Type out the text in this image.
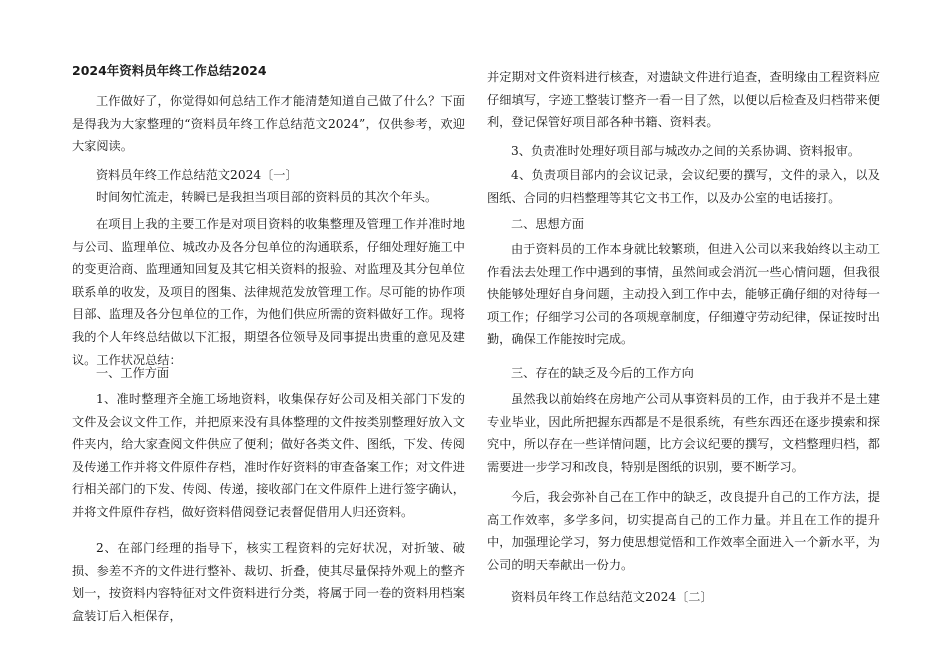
2024年资料员年终工作总结2024

工作做好了，你觉得如何总结工作才能清楚知道自己做了什么？下面是得我为大家整理的“资料员年终工作总结范文2024”，仅供参考，欢迎大家阅读。

资料员年终工作总结范文2024〔一〕

时间匆忙流走，转瞬已是我担当项目部的资料员的其次个年头。

在项目上我的主要工作是对项目资料的收集整理及管理工作并准时地与公司、监理单位、城改办及各分包单位的沟通联系，仔细处理好施工中的变更洽商、监理通知回复及其它相关资料的报验、对监理及其分包单位联系单的收发，及项目的图集、法律规范发放管理工作。尽可能的协作项目部、监理及各分包单位的工作，为他们供应所需的资料做好工作。现将我的个人年终总结做以下汇报，期望各位领导及同事提出贵重的意见及建议。工作状况总结：

一、工作方面

1、准时整理齐全施工场地资料，收集保存好公司及相关部门下发的文件及会议文件工作，并把原来没有具体整理的文件按类别整理好放入文件夹内，给大家查阅文件供应了便利；做好各类文件、图纸，下发、传阅及传递工作并将文件原件存档，准时作好资料的审查备案工作；对文件进行相关部门的下发、传阅、传递，接收部门在文件原件上进行签字确认，并将文件原件存档，做好资料借阅登记表督促借用人归还资料。

2、在部门经理的指导下，核实工程资料的完好状况，对折皱、破损、参差不齐的文件进行整补、裁切、折叠，使其尽量保持外观上的整齐划一，按资料内容特征对文件资料进行分类，将属于同一卷的资料用档案盒装订后入柜保存，

并定期对文件资料进行核查，对遗缺文件进行追查，查明缘由工程资料应仔细填写，字迹工整装订整齐一看一目了然，以便以后检查及归档带来便利，登记保管好项目部各种书籍、资料表。

3、负责准时处理好项目部与城改办之间的关系协调、资料报审。

4、负责项目部内的会议记录，会议纪要的撰写，文件的录入，以及图纸、合同的归档整理等其它文书工作，以及办公室的电话接打。

二、思想方面

由于资料员的工作本身就比较繁琐，但进入公司以来我始终以主动工作看法去处理工作中遇到的事情，虽然间或会消沉一些心情问题，但我很快能够处理好自身问题，主动投入到工作中去，能够正确仔细的对待每一项工作；仔细学习公司的各项规章制度，仔细遵守劳动纪律，保证按时出勤，确保工作能按时完成。

三、存在的缺乏及今后的工作方向

虽然我以前始终在房地产公司从事资料员的工作，由于我并不是土建专业毕业，因此所把握东西都是不是很系统，有些东西还在逐步摸索和探究中，所以存在一些详情问题，比方会议纪要的撰写，文档整理归档，都需要进一步学习和改良，特别是图纸的识别，要不断学习。

今后，我会弥补自己在工作中的缺乏，改良提升自己的工作方法，提高工作效率，多学多问，切实提高自己的工作力量。并且在工作的提升中，加强理论学习，努力使思想觉悟和工作效率全面进入一个新水平，为公司的明天奉献出一份力。

资料员年终工作总结范文2024〔二〕
